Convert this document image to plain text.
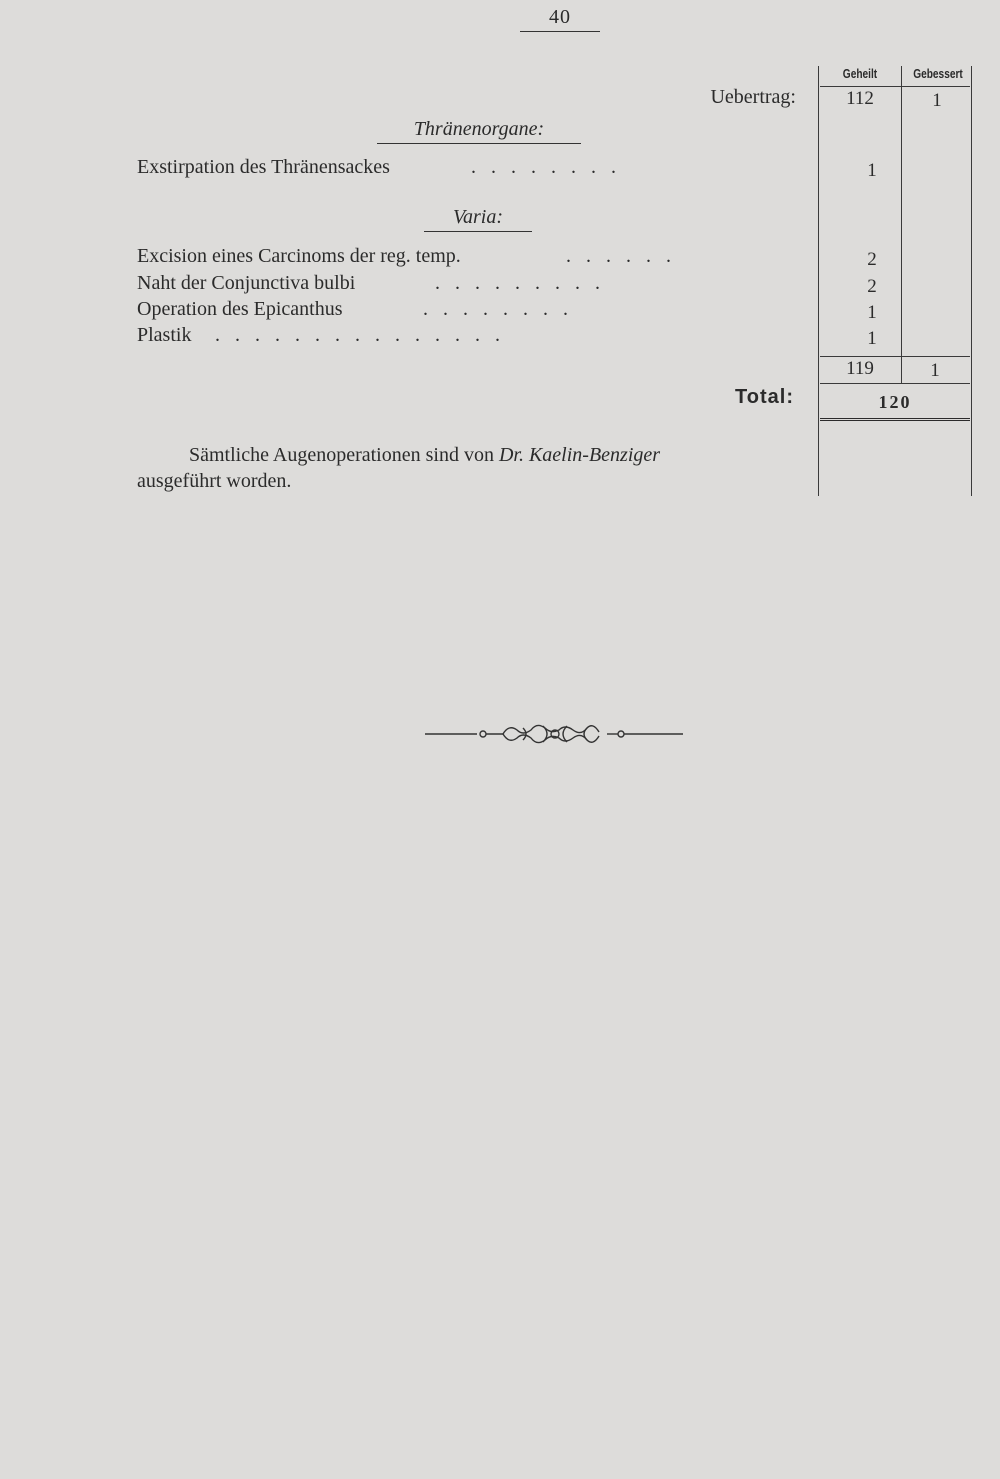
40
Geheilt	Gebessert
Uebertrag:	112	1
Thränenorgane:
Exstirpation des Thränensackes	.   .   .   .   .   .   .   .	1
Varia:
Excision eines Carcinoms der reg. temp.	.   .   .   .   .   .	2
Naht der Conjunctiva bulbi	.   .   .   .   .   .   .   .   .	2
Operation des Epicanthus	.   .   .   .   .   .   .   .	1
Plastik .   .   .   .   .   .   .   .   .   .   .   .   .   .   .	1
119	1
Total:	120
Sämtliche Augenoperationen sind von Dr. Kaelin-Benziger
ausgeführt worden.
